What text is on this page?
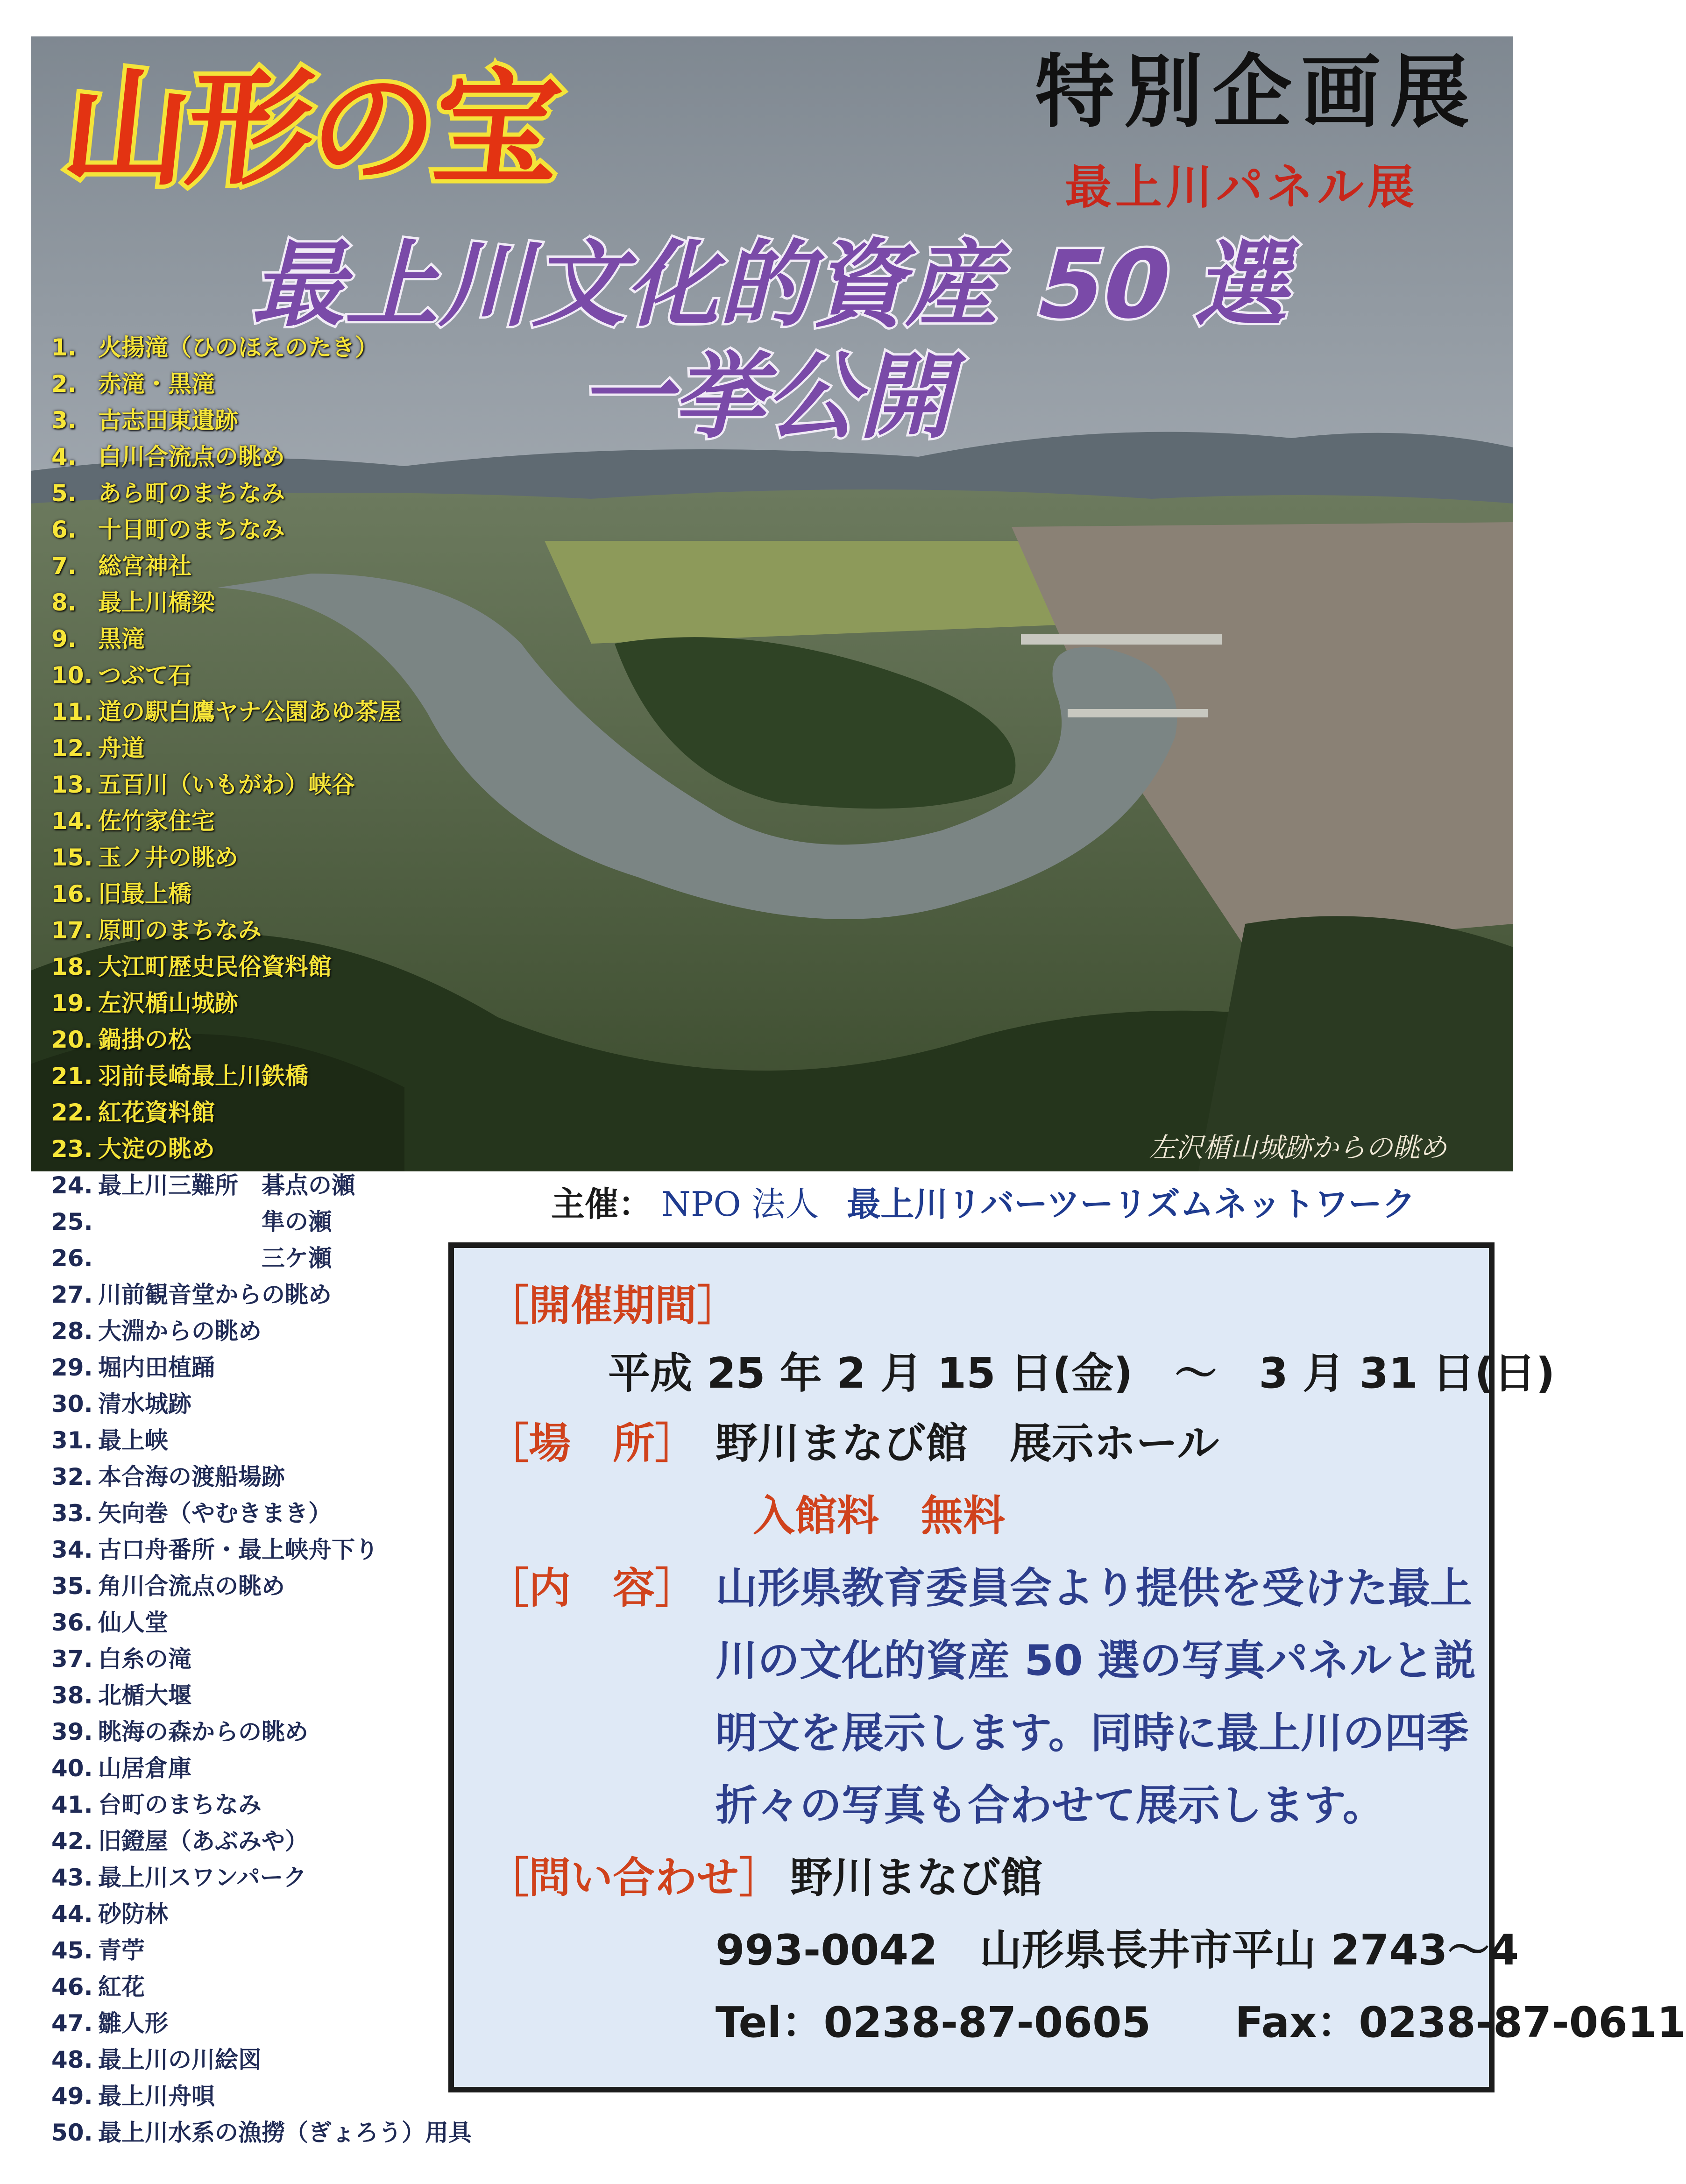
山形の宝	特別企画展
最上川パネル展
最上川文化的資産 50 選
一挙公開
左沢楯山城跡からの眺め
1. 火揚滝（ひのほえのたき）
2. 赤滝・黒滝
3. 古志田東遺跡
4. 白川合流点の眺め
5. あら町のまちなみ
6. 十日町のまちなみ
7. 総宮神社
8. 最上川橋梁
9. 黒滝
10. つぶて石
11. 道の駅白鷹ヤナ公園あゆ茶屋
12. 舟道
13. 五百川（いもがわ）峡谷
14. 佐竹家住宅
15. 玉ノ井の眺め
16. 旧最上橋
17. 原町のまちなみ
18. 大江町歴史民俗資料館
19. 左沢楯山城跡
20. 鍋掛の松
21. 羽前長崎最上川鉄橋
22. 紅花資料館
23. 大淀の眺め
24. 最上川三難所　碁点の瀬
25.　　　　　　　隼の瀬
26.　　　　　　　三ケ瀬
27. 川前観音堂からの眺め
28. 大淵からの眺め
29. 堀内田植踊
30. 清水城跡
31. 最上峡
32. 本合海の渡船場跡
33. 矢向巻（やむきまき）
34. 古口舟番所・最上峡舟下り
35. 角川合流点の眺め
36. 仙人堂
37. 白糸の滝
38. 北楯大堰
39. 眺海の森からの眺め
40. 山居倉庫
41. 台町のまちなみ
42. 旧鐙屋（あぶみや）
43. 最上川スワンパーク
44. 砂防林
45. 青苧
46. 紅花
47. 雛人形
48. 最上川の川絵図
49. 最上川舟唄
50. 最上川水系の漁撈（ぎょろう）用具
主催： NPO 法人 最上川リバーツーリズムネットワーク
［開催期間］
平成 25 年 2 月 15 日(金)　～　3 月 31 日(日)
［場　所］ 野川まなび館　展示ホール
入館料　無料
［内　容］ 山形県教育委員会より提供を受けた最上
川の文化的資産 50 選の写真パネルと説
明文を展示します。同時に最上川の四季
折々の写真も合わせて展示します。
［問い合わせ］ 野川まなび館
993-0042　山形県長井市平山 2743～4
Tel：0238-87-0605　　Fax：0238-87-0611
